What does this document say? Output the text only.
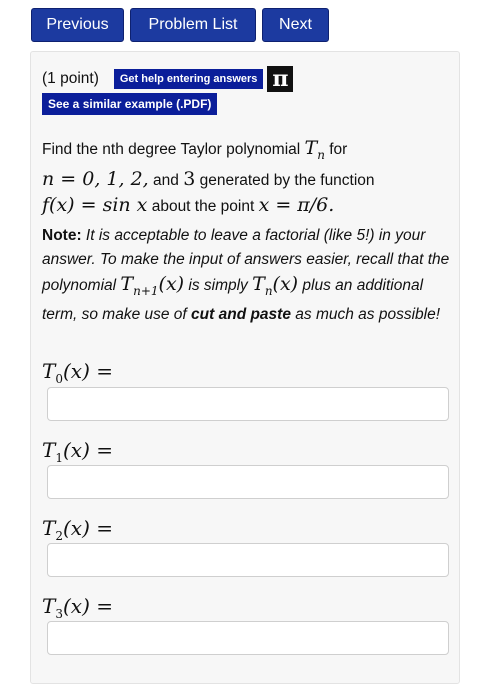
Previous	Problem List	Next
(1 point)	Get help entering answers π
See a similar example (.PDF)
Find the nth degree Taylor polynomial $T_n$ for
n = 0, 1, 2, and 3 generated by the function
f(x) = sin x about the point x = π/6.
Note: It is acceptable to leave a factorial (like 5!) in your answer. To make the input of answers easier, recall that the polynomial $T_{n+1}(x)$ is simply $T_n(x)$ plus an additional term, so make use of cut and paste as much as possible!
$T_0(x)$ =
$T_1(x)$ =
$T_2(x)$ =
$T_3(x)$ =
